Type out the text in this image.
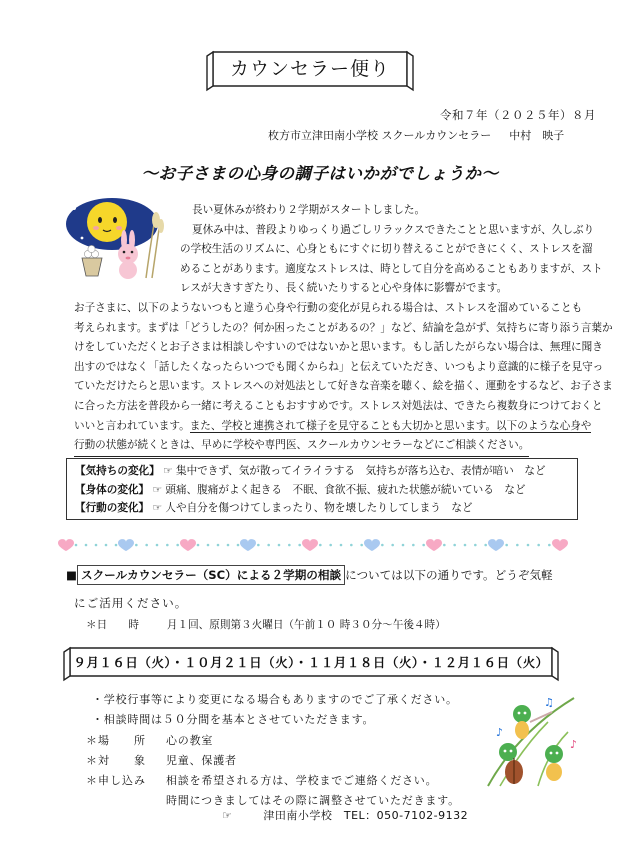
カウンセラー便り
令和７年（２０２５年）８月
枚方市立津田南小学校 スクールカウンセラー 　 中村　映子
～お子さまの心身の調子はいかがでしょうか～
長い夏休みが終わり２学期がスタートしました。
夏休み中は、普段よりゆっくり過ごしリラックスできたことと思いますが、久しぶり
の学校生活のリズムに、心身ともにすぐに切り替えることができにくく、ストレスを溜
めることがあります。適度なストレスは、時として自分を高めることもありますが、スト
レスが大きすぎたり、長く続いたりすると心や身体に影響がでます。
お子さまに、以下のようないつもと違う心身や行動の変化が見られる場合は、ストレスを溜めていることも
考えられます。まずは「どうしたの？何か困ったことがあるの？」など、結論を急がず、気持ちに寄り添う言葉か
けをしていただくとお子さまは相談しやすいのではないかと思います。もし話したがらない場合は、無理に聞き
出すのではなく「話したくなったらいつでも聞くからね」と伝えていただき、いつもより意識的に様子を見守っ
ていただけたらと思います。ストレスへの対処法として好きな音楽を聴く、絵を描く、運動をするなど、お子さま
に合った方法を普段から一緒に考えることもおすすめです。ストレス対処法は、できたら複数身につけておくと
いいと言われています。また、学校と連携されて様子を見守ることも大切かと思います。以下のような心身や
行動の状態が続くときは、早めに学校や専門医、スクールカウンセラーなどにご相談ください。
【気持ちの変化】 ☞ 集中できず、気が散ってイライラする　気持ちが落ち込む、表情が暗い　など
【身体の変化】 ☞ 頭痛、腹痛がよく起きる　不眠、食欲不振、疲れた状態が続いている　など
【行動の変化】 ☞ 人や自分を傷つけてしまったり、物を壊したりしてしまう　など
■ スクールカウンセラー（SC）による２学期の相談 については以下の通りです。どうぞ気軽
にご活用ください。
＊日　　時 　　	月１回、原則第３火曜日（午前１０ 時３０分～午後４時）
９月１６日（火）・１０月２１日（火）・１１月１８日（火）・１２月１６日（火）
・学校行事等により変更になる場合もありますのでご了承ください。
・相談時間は５０分間を基本とさせていただきます。
＊場　　所	心の教室
＊対　　象	児童、保護者
＊申し込み	相談を希望される方は、学校までご連絡ください。
時間につきましてはその際に調整させていただきます。
☞ 　　	津田南小学校　TEL：050-7102-9132
♪
♫
♪
